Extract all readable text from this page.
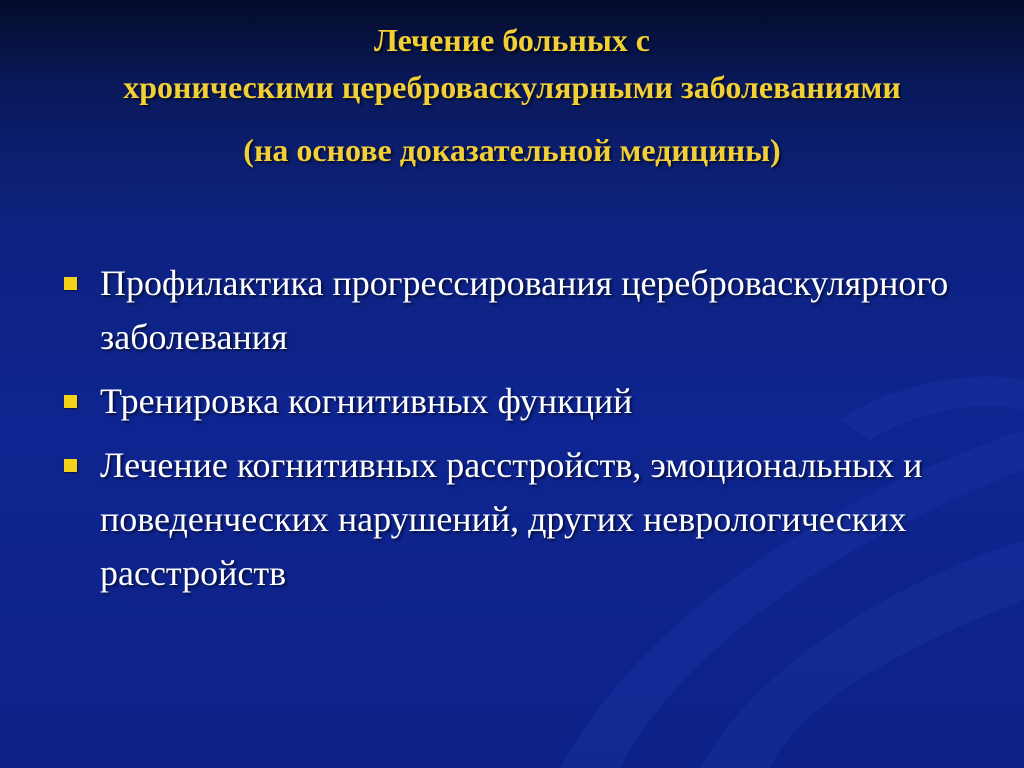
Лечение больных с
хроническими цереброваскулярными заболеваниями
(на основе доказательной медицины)
Профилактика прогрессирования цереброваскулярного заболевания
Тренировка когнитивных функций
Лечение когнитивных расстройств, эмоциональных и поведенческих нарушений, других неврологических расстройств
